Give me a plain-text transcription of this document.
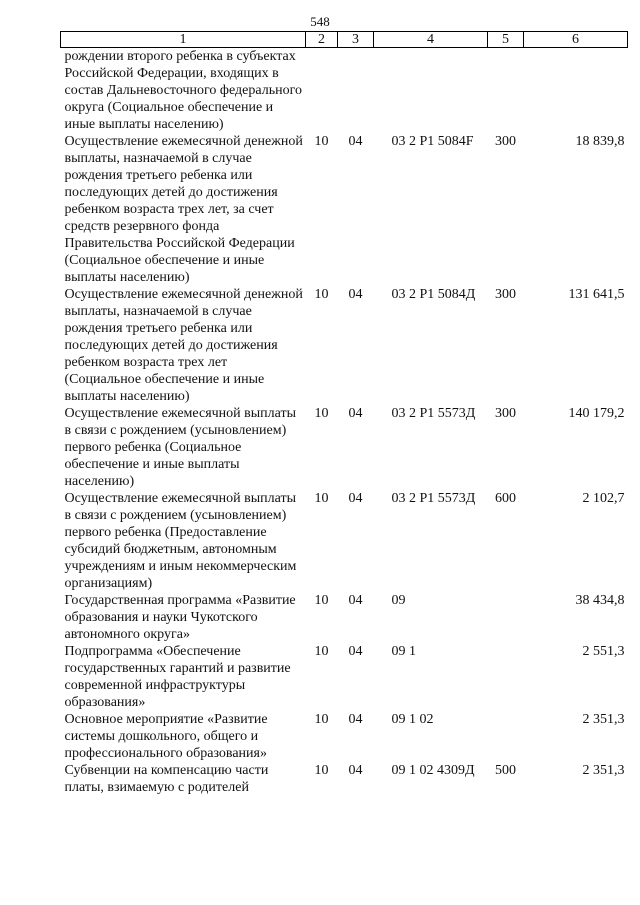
548
1	2	3	4	5	6
рождении второго ребенка в субъектах Российской Федерации, входящих в состав Дальневосточного федерального округа (Социальное обеспечение и иные выплаты населению)					
Осуществление ежемесячной денежной выплаты, назначаемой в случае рождения третьего ребенка или последующих детей до достижения ребенком возраста трех лет, за счет средств резервного фонда Правительства Российской Федерации (Социальное обеспечение и иные выплаты населению)	10	04	03 2 P1 5084F	300	18 839,8
Осуществление ежемесячной денежной выплаты, назначаемой в случае рождения третьего ребенка или последующих детей до достижения ребенком возраста трех лет (Социальное обеспечение и иные выплаты населению)	10	04	03 2 P1 5084Д	300	131 641,5
Осуществление ежемесячной выплаты в связи с рождением (усыновлением) первого ребенка (Социальное обеспечение и иные выплаты населению)	10	04	03 2 P1 5573Д	300	140 179,2
Осуществление ежемесячной выплаты в связи с рождением (усыновлением) первого ребенка (Предоставление субсидий бюджетным, автономным учреждениям и иным некоммерческим организациям)	10	04	03 2 P1 5573Д	600	2 102,7
Государственная программа «Развитие образования и науки Чукотского автономного округа»	10	04	09		38 434,8
Подпрограмма «Обеспечение государственных гарантий и развитие современной инфраструктуры образования»	10	04	09 1		2 551,3
Основное мероприятие «Развитие системы дошкольного, общего и профессионального образования»	10	04	09 1 02		2 351,3
Субвенции на компенсацию части платы, взимаемую с родителей	10	04	09 1 02 4309Д	500	2 351,3
